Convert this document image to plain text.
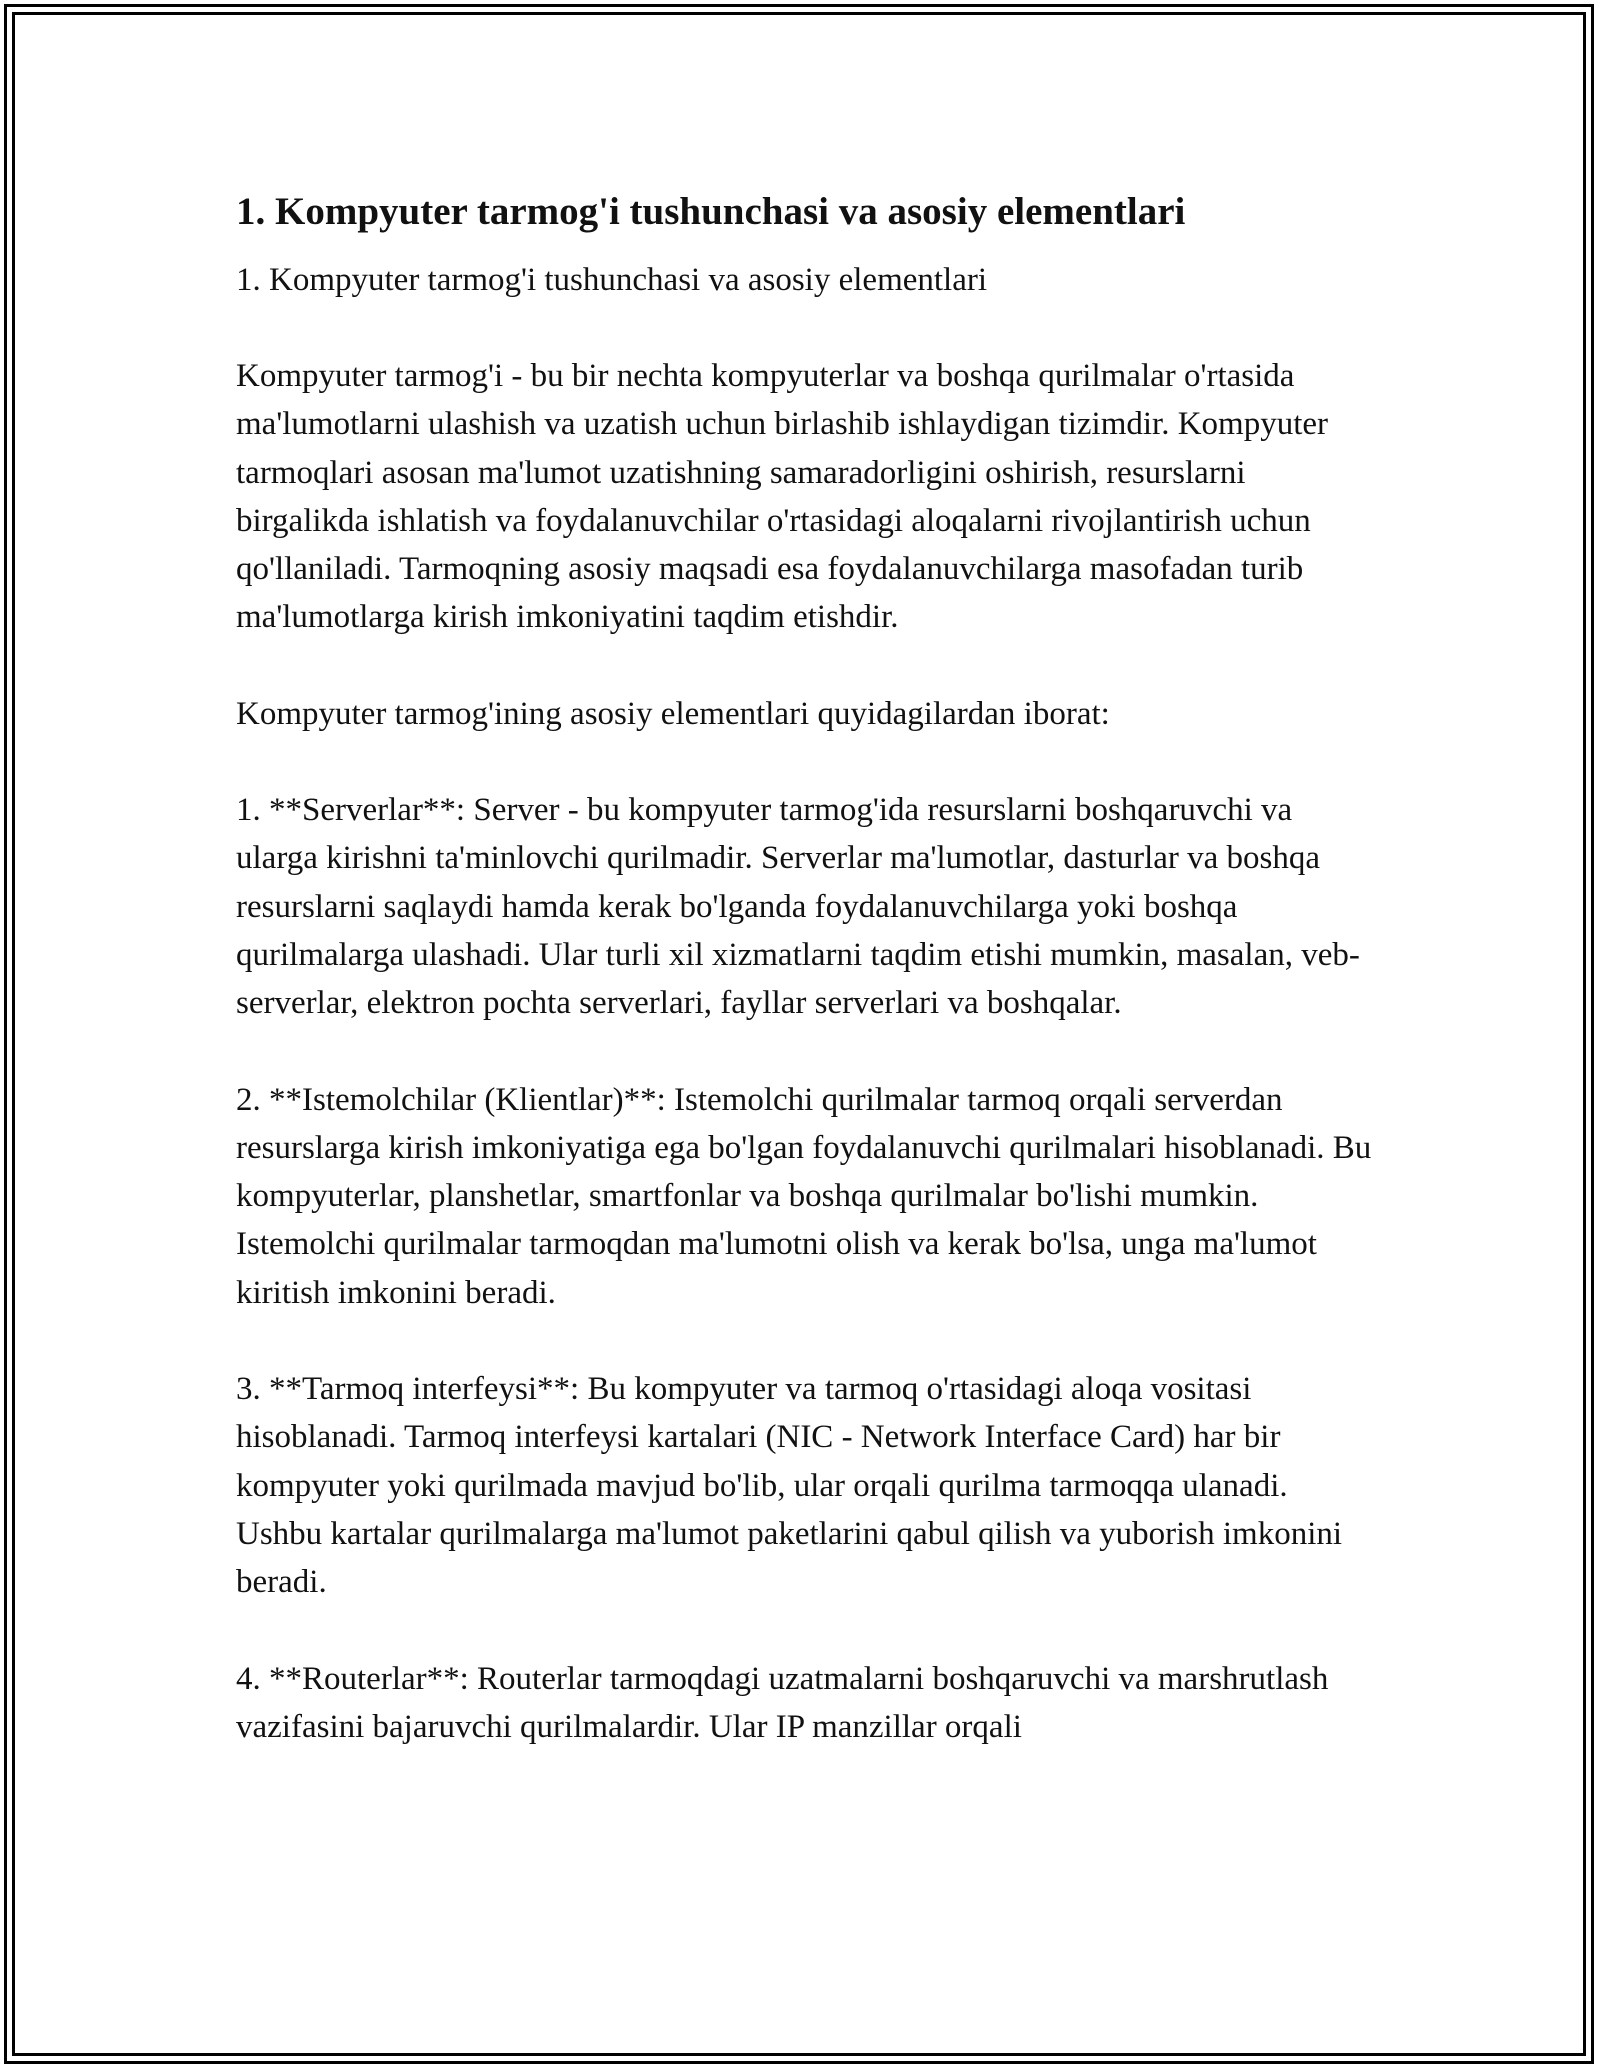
1. Kompyuter tarmog'i tushunchasi va asosiy elementlari
1. Kompyuter tarmog'i tushunchasi va asosiy elementlari

Kompyuter tarmog'i - bu bir nechta kompyuterlar va boshqa qurilmalar o'rtasida ma'lumotlarni ulashish va uzatish uchun birlashib ishlaydigan tizimdir. Kompyuter tarmoqlari asosan ma'lumot uzatishning samaradorligini oshirish, resurslarni birgalikda ishlatish va foydalanuvchilar o'rtasidagi aloqalarni rivojlantirish uchun qo'llaniladi. Tarmoqning asosiy maqsadi esa foydalanuvchilarga masofadan turib ma'lumotlarga kirish imkoniyatini taqdim etishdir.

Kompyuter tarmog'ining asosiy elementlari quyidagilardan iborat:

1. **Serverlar**: Server - bu kompyuter tarmog'ida resurslarni boshqaruvchi va ularga kirishni ta'minlovchi qurilmadir. Serverlar ma'lumotlar, dasturlar va boshqa resurslarni saqlaydi hamda kerak bo'lganda foydalanuvchilarga yoki boshqa qurilmalarga ulashadi. Ular turli xil xizmatlarni taqdim etishi mumkin, masalan, veb-serverlar, elektron pochta serverlari, fayllar serverlari va boshqalar.

2. **Istemolchilar (Klientlar)**: Istemolchi qurilmalar tarmoq orqali serverdan resurslarga kirish imkoniyatiga ega bo'lgan foydalanuvchi qurilmalari hisoblanadi. Bu kompyuterlar, planshetlar, smartfonlar va boshqa qurilmalar bo'lishi mumkin. Istemolchi qurilmalar tarmoqdan ma'lumotni olish va kerak bo'lsa, unga ma'lumot kiritish imkonini beradi.

3. **Tarmoq interfeysi**: Bu kompyuter va tarmoq o'rtasidagi aloqa vositasi hisoblanadi. Tarmoq interfeysi kartalari (NIC - Network Interface Card) har bir kompyuter yoki qurilmada mavjud bo'lib, ular orqali qurilma tarmoqqa ulanadi. Ushbu kartalar qurilmalarga ma'lumot paketlarini qabul qilish va yuborish imkonini beradi.

4. **Routerlar**: Routerlar tarmoqdagi uzatmalarni boshqaruvchi va marshrutlash vazifasini bajaruvchi qurilmalardir. Ular IP manzillar orqali
